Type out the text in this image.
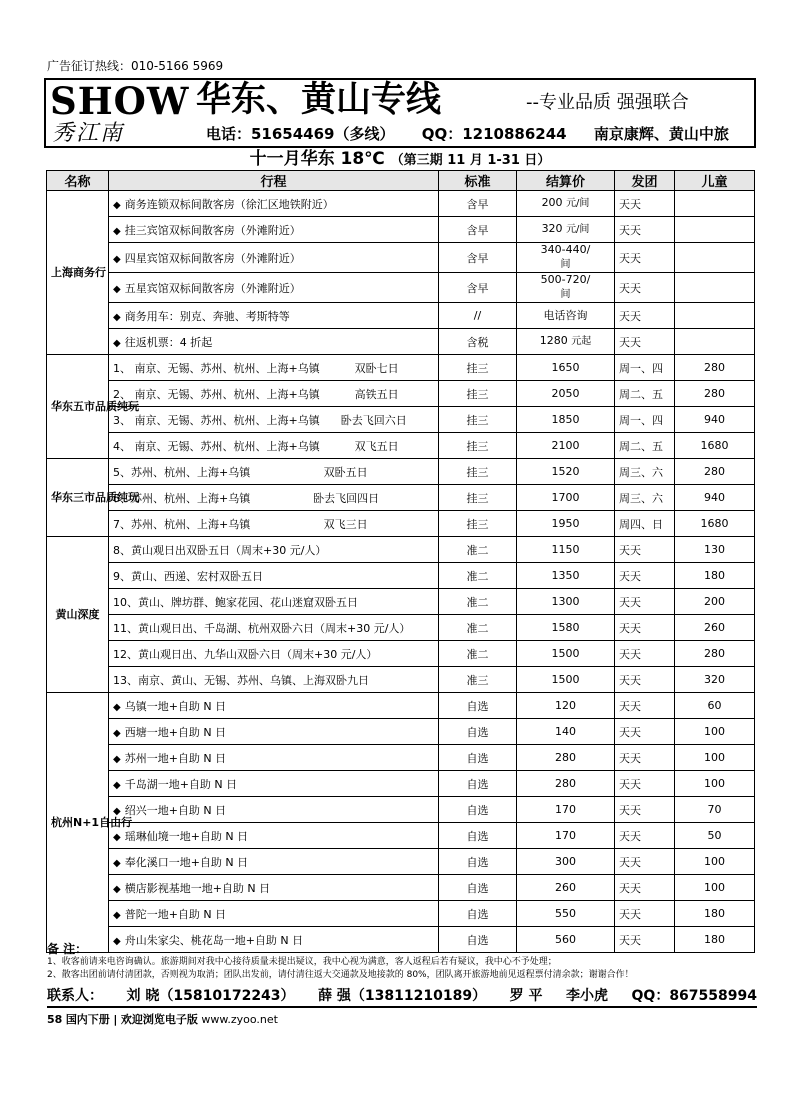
广告征订热线：010-5166 5969
SHOW 华东、黄山专线	--专业品质 强强联合
秀江南	电话：51654469（多线） QQ：1210886244 南京康辉、黄山中旅
十一月华东 18℃ （第三期 11 月 1-31 日）
名称	行程	标准	结算价	发团	儿童
上海商务行	◆ 商务连锁双标间散客房（徐汇区地铁附近）	含早	200 元/间	天天	
	◆ 挂三宾馆双标间散客房（外滩附近）	含早	320 元/间	天天	
	◆ 四星宾馆双标间散客房（外滩附近）	含早	340-440/
间	天天	
	◆ 五星宾馆双标间散客房（外滩附近）	含早	500-720/
间	天天	
	◆ 商务用车：别克、奔驰、考斯特等	//	电话咨询	天天	
	◆ 往返机票：4 折起	含税	1280 元起	天天	
华东五市品质纯玩	1、 南京、无锡、苏州、杭州、上海+乌镇          双卧七日	挂三	1650	周一、四	280
	2、 南京、无锡、苏州、杭州、上海+乌镇          高铁五日	挂三	2050	周二、五	280
	3、 南京、无锡、苏州、杭州、上海+乌镇      卧去飞回六日	挂三	1850	周一、四	940
	4、 南京、无锡、苏州、杭州、上海+乌镇          双飞五日	挂三	2100	周二、五	1680
华东三市品质纯玩	5、苏州、杭州、上海+乌镇                     双卧五日	挂三	1520	周三、六	280
	6、苏州、杭州、上海+乌镇                  卧去飞回四日	挂三	1700	周三、六	940
	7、苏州、杭州、上海+乌镇                     双飞三日	挂三	1950	周四、日	1680
黄山深度	8、黄山观日出双卧五日（周末+30 元/人）	准二	1150	天天	130
	9、黄山、西递、宏村双卧五日	准二	1350	天天	180
	10、黄山、牌坊群、鲍家花园、花山迷窟双卧五日	准二	1300	天天	200
	11、黄山观日出、千岛湖、杭州双卧六日（周末+30 元/人）	准二	1580	天天	260
	12、黄山观日出、九华山双卧六日（周末+30 元/人）	准二	1500	天天	280
	13、南京、黄山、无锡、苏州、乌镇、上海双卧九日	准三	1500	天天	320
杭州N+1自由行	◆ 乌镇一地+自助 N 日	自选	120	天天	60
	◆ 西塘一地+自助 N 日	自选	140	天天	100
	◆ 苏州一地+自助 N 日	自选	280	天天	100
	◆ 千岛湖一地+自助 N 日	自选	280	天天	100
	◆ 绍兴一地+自助 N 日	自选	170	天天	70
	◆ 瑶琳仙境一地+自助 N 日	自选	170	天天	50
	◆ 奉化溪口一地+自助 N 日	自选	300	天天	100
	◆ 横店影视基地一地+自助 N 日	自选	260	天天	100
	◆ 普陀一地+自助 N 日	自选	550	天天	180
	◆ 舟山朱家尖、桃花岛一地+自助 N 日	自选	560	天天	180
备 注：
1、收客前请来电咨询确认。旅游期间对我中心接待质量未提出疑议，我中心视为满意，客人返程后若有疑议，我中心不予处理；
2、散客出团前请付清团款，否则视为取消；团队出发前，请付清往返大交通款及地接款的 80%，团队离开旅游地前见返程票付清余款；谢谢合作！
联系人： 刘 晓（15810172243） 薛 强（13811210189） 罗 平 李小虎 QQ：867558994
58 国内下册 | 欢迎浏览电子版 www.zyoo.net
